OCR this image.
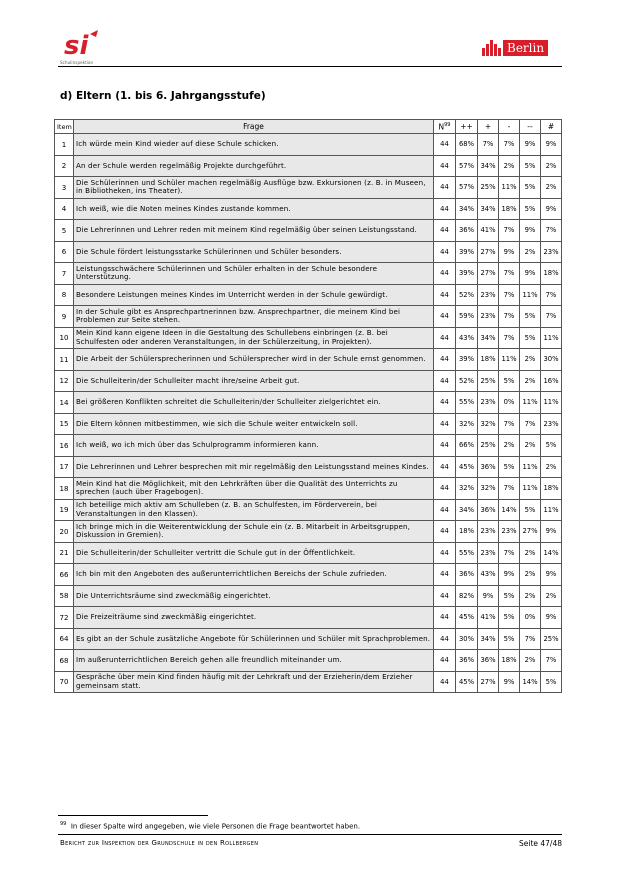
si
Schulinspektion
Berlin
d) Eltern (1. bis 6. Jahrgangsstufe)
Item	Frage	$N^{99}$	++	+	-	--	#
1	Ich würde mein Kind wieder auf diese Schule schicken.	44	68%	7%	7%	9%	9%
2	An der Schule werden regelmäßig Projekte durchgeführt.	44	57%	34%	2%	5%	2%
3	Die Schülerinnen und Schüler machen regelmäßig Ausflüge bzw. Exkursionen (z. B. in Museen, in Bibliotheken, ins Theater).	44	57%	25%	11%	5%	2%
4	Ich weiß, wie die Noten meines Kindes zustande kommen.	44	34%	34%	18%	5%	9%
5	Die Lehrerinnen und Lehrer reden mit meinem Kind regelmäßig über seinen Leistungsstand.	44	36%	41%	7%	9%	7%
6	Die Schule fördert leistungsstarke Schülerinnen und Schüler besonders.	44	39%	27%	9%	2%	23%
7	Leistungsschwächere Schülerinnen und Schüler erhalten in der Schule besondere Unterstützung.	44	39%	27%	7%	9%	18%
8	Besondere Leistungen meines Kindes im Unterricht werden in der Schule gewürdigt.	44	52%	23%	7%	11%	7%
9	In der Schule gibt es Ansprechpartnerinnen bzw. Ansprechpartner, die meinem Kind bei Problemen zur Seite stehen.	44	59%	23%	7%	5%	7%
10	Mein Kind kann eigene Ideen in die Gestaltung des Schullebens einbringen (z. B. bei Schulfesten oder anderen Veranstaltungen, in der Schülerzeitung, in Projekten).	44	43%	34%	7%	5%	11%
11	Die Arbeit der Schülersprecherinnen und Schülersprecher wird in der Schule ernst genommen.	44	39%	18%	11%	2%	30%
12	Die Schulleiterin/der Schulleiter macht ihre/seine Arbeit gut.	44	52%	25%	5%	2%	16%
14	Bei größeren Konflikten schreitet die Schulleiterin/der Schulleiter zielgerichtet ein.	44	55%	23%	0%	11%	11%
15	Die Eltern können mitbestimmen, wie sich die Schule weiter entwickeln soll.	44	32%	32%	7%	7%	23%
16	Ich weiß, wo ich mich über das Schulprogramm informieren kann.	44	66%	25%	2%	2%	5%
17	Die Lehrerinnen und Lehrer besprechen mit mir regelmäßig den Leistungsstand meines Kindes.	44	45%	36%	5%	11%	2%
18	Mein Kind hat die Möglichkeit, mit den Lehrkräften über die Qualität des Unterrichts zu sprechen (auch über Fragebogen).	44	32%	32%	7%	11%	18%
19	Ich beteilige mich aktiv am Schulleben (z. B. an Schulfesten, im Förderverein, bei Veranstaltungen in den Klassen).	44	34%	36%	14%	5%	11%
20	Ich bringe mich in die Weiterentwicklung der Schule ein (z. B. Mitarbeit in Arbeitsgruppen, Diskussion in Gremien).	44	18%	23%	23%	27%	9%
21	Die Schulleiterin/der Schulleiter vertritt die Schule gut in der Öffentlichkeit.	44	55%	23%	7%	2%	14%
66	Ich bin mit den Angeboten des außerunterrichtlichen Bereichs der Schule zufrieden.	44	36%	43%	9%	2%	9%
58	Die Unterrichtsräume sind zweckmäßig eingerichtet.	44	82%	9%	5%	2%	2%
72	Die Freizeiträume sind zweckmäßig eingerichtet.	44	45%	41%	5%	0%	9%
64	Es gibt an der Schule zusätzliche Angebote für Schülerinnen und Schüler mit Sprachproblemen.	44	30%	34%	5%	7%	25%
68	Im außerunterrichtlichen Bereich gehen alle freundlich miteinander um.	44	36%	36%	18%	2%	7%
70	Gespräche über mein Kind finden häufig mit der Lehrkraft und der Erzieherin/dem Erzieher gemeinsam statt.	44	45%	27%	9%	14%	5%
$^{99}$ In dieser Spalte wird angegeben, wie viele Personen die Frage beantwortet haben.
Bericht zur Inspektion der Grundschule in den Rollbergen	Seite 47/48
